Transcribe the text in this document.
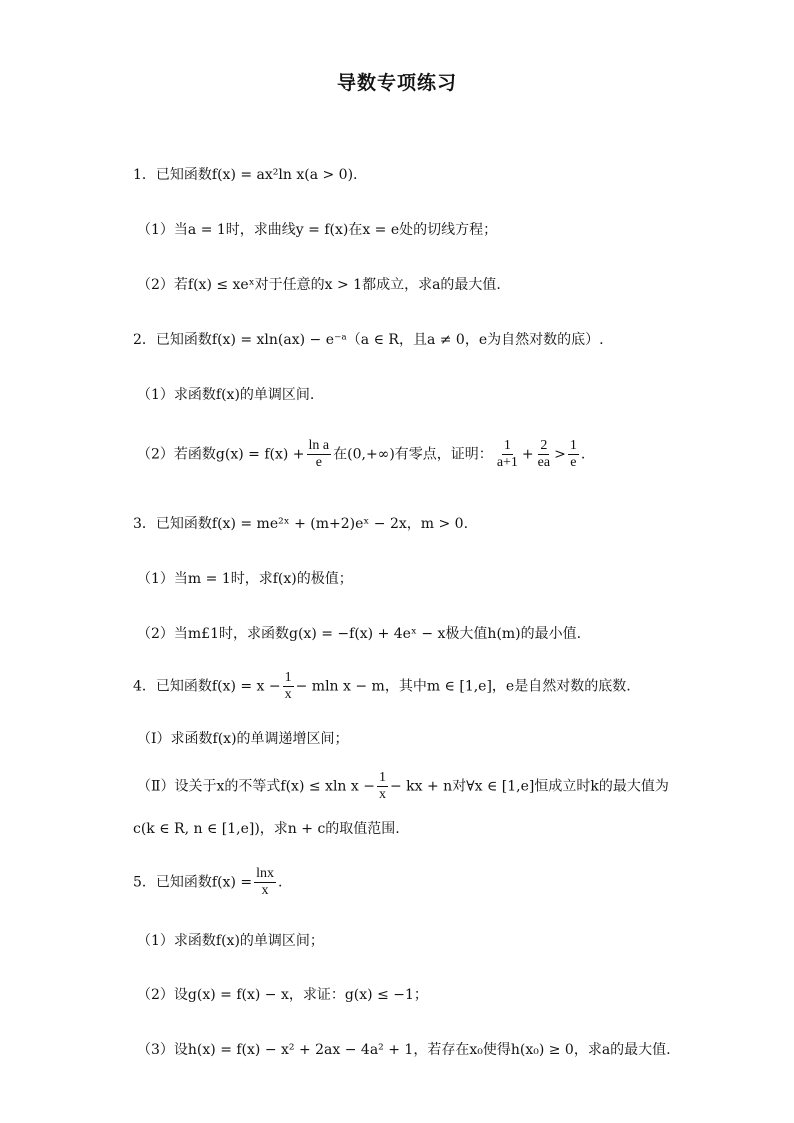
导数专项练习
1．已知函数f(x) = ax²ln x(a > 0).
（1）当a = 1时，求曲线y = f(x)在x = e处的切线方程；
（2）若f(x) ≤ xeˣ对于任意的x > 1都成立，求a的最大值.
2．已知函数f(x) = xln(ax) − e⁻ᵃ（a ∈ R，且a ≠ 0，e为自然对数的底）.
（1）求函数f(x)的单调区间.
（2）若函数$g(x) = f(x) + \frac{\text{ln a}}{e}$ 在(0,+∞)有零点，证明： $\frac{1}{a+1} + \frac{2}{ea} > \frac{1}{e}$ .
3．已知函数f(x) = me²ˣ + (m+2)eˣ − 2x，m > 0.
（1）当m = 1时，求f(x)的极值；
（2）当m£1时，求函数g(x) = −f(x) + 4eˣ − x极大值h(m)的最小值.
4．已知函数$f(x) = x - \frac{1}{x} - mln$ x − m，其中m ∈ [1,e]，e是自然对数的底数.
（Ⅰ）求函数f(x)的单调递增区间；
（Ⅱ）设关于x的不等式f(x) ≤ xln $x - \frac{1}{x}$ − kx + n对∀x ∈ [1,e]恒成立时k的最大值为
c(k ∈ R, n ∈ [1,e])，求n + c的取值范围.
5．已知函数$f(x) = \frac{\ln x}{x}$ .
（1）求函数f(x)的单调区间；
（2）设g(x) = f(x) − x，求证：g(x) ≤ −1；
（3）设h(x) = f(x) − x² + 2ax − 4a² + 1，若存在x₀使得h(x₀) ≥ 0，求a的最大值.
